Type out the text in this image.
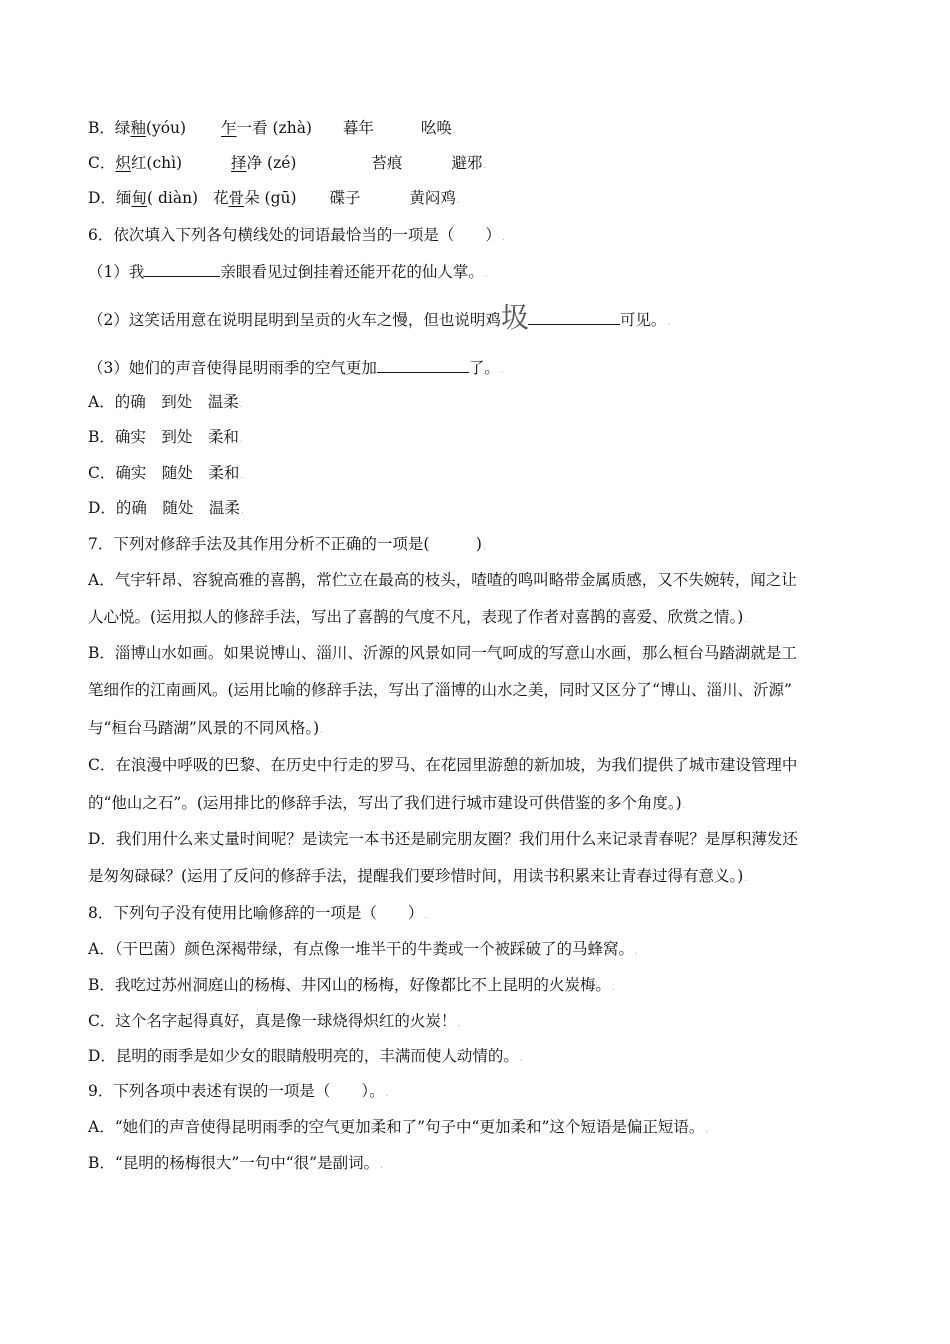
B．绿釉(yóu) 乍一看 (zhà) 暮年	吆唤.
C．炽红(chì)	择净 (zé)	苔痕	避邪.
D．缅甸( diàn) 花骨朵 (gū) 碟子	黄闷鸡.
6．依次填入下列各句横线处的词语最恰当的一项是（　　）.
（1）我	亲眼看见过倒挂着还能开花的仙人掌。.
（2）这笑话用意在说明昆明到呈贡的火车之慢，但也说明鸡圾	可见。.
（3）她们的声音使得昆明雨季的空气更加	了。.
A．的确　到处　温柔.
B．确实　到处　柔和.
C．确实　随处　柔和.
D．的确　随处　温柔.
7．下列对修辞手法及其作用分析不正确的一项是(　　　).
A．气宇轩昂、容貌高雅的喜鹊，常伫立在最高的枝头，喳喳的鸣叫略带金属质感，又不失婉转，闻之让
人心悦。(运用拟人的修辞手法，写出了喜鹊的气度不凡，表现了作者对喜鹊的喜爱、欣赏之情。).
B．淄博山水如画。如果说博山、淄川、沂源的风景如同一气呵成的写意山水画，那么桓台马踏湖就是工
笔细作的江南画风。(运用比喻的修辞手法，写出了淄博的山水之美，同时又区分了“博山、淄川、沂源”
与“桓台马踏湖”风景的不同风格。).
C．在浪漫中呼吸的巴黎、在历史中行走的罗马、在花园里游憩的新加坡，为我们提供了城市建设管理中
的“他山之石”。(运用排比的修辞手法，写出了我们进行城市建设可供借鉴的多个角度。).
D．我们用什么来丈量时间呢？是读完一本书还是刷完朋友圈？我们用什么来记录青春呢？是厚积薄发还
是匆匆碌碌？(运用了反问的修辞手法，提醒我们要珍惜时间，用读书积累来让青春过得有意义。).
8．下列句子没有使用比喻修辞的一项是（　　）.
A．（干巴菌）颜色深褐带绿，有点像一堆半干的牛粪或一个被踩破了的马蜂窝。.
B．我吃过苏州洞庭山的杨梅、井冈山的杨梅，好像都比不上昆明的火炭梅。.
C．这个名字起得真好，真是像一球烧得炽红的火炭！.
D．昆明的雨季是如少女的眼睛般明亮的，丰满而使人动情的。.
9．下列各项中表述有误的一项是（　　）。.
A．“她们的声音使得昆明雨季的空气更加柔和了”句子中“更加柔和”这个短语是偏正短语。.
B．“昆明的杨梅很大”一句中“很”是副词。.
